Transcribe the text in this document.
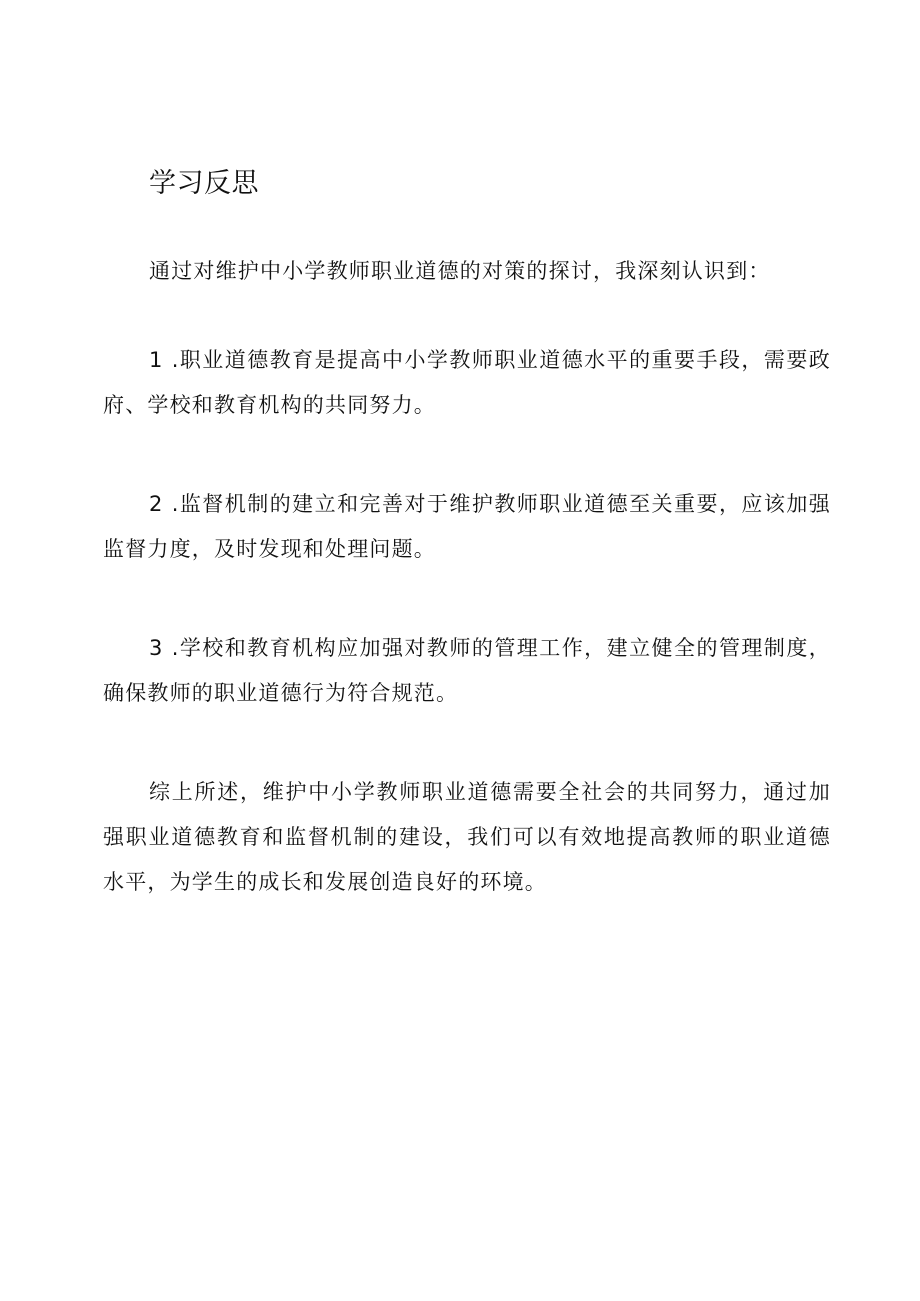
学习反思

通过对维护中小学教师职业道德的对策的探讨，我深刻认识到：

1 .职业道德教育是提高中小学教师职业道德水平的重要手段，需要政府、学校和教育机构的共同努力。

2 .监督机制的建立和完善对于维护教师职业道德至关重要，应该加强监督力度，及时发现和处理问题。

3 .学校和教育机构应加强对教师的管理工作，建立健全的管理制度，确保教师的职业道德行为符合规范。

综上所述，维护中小学教师职业道德需要全社会的共同努力，通过加强职业道德教育和监督机制的建设，我们可以有效地提高教师的职业道德水平，为学生的成长和发展创造良好的环境。
